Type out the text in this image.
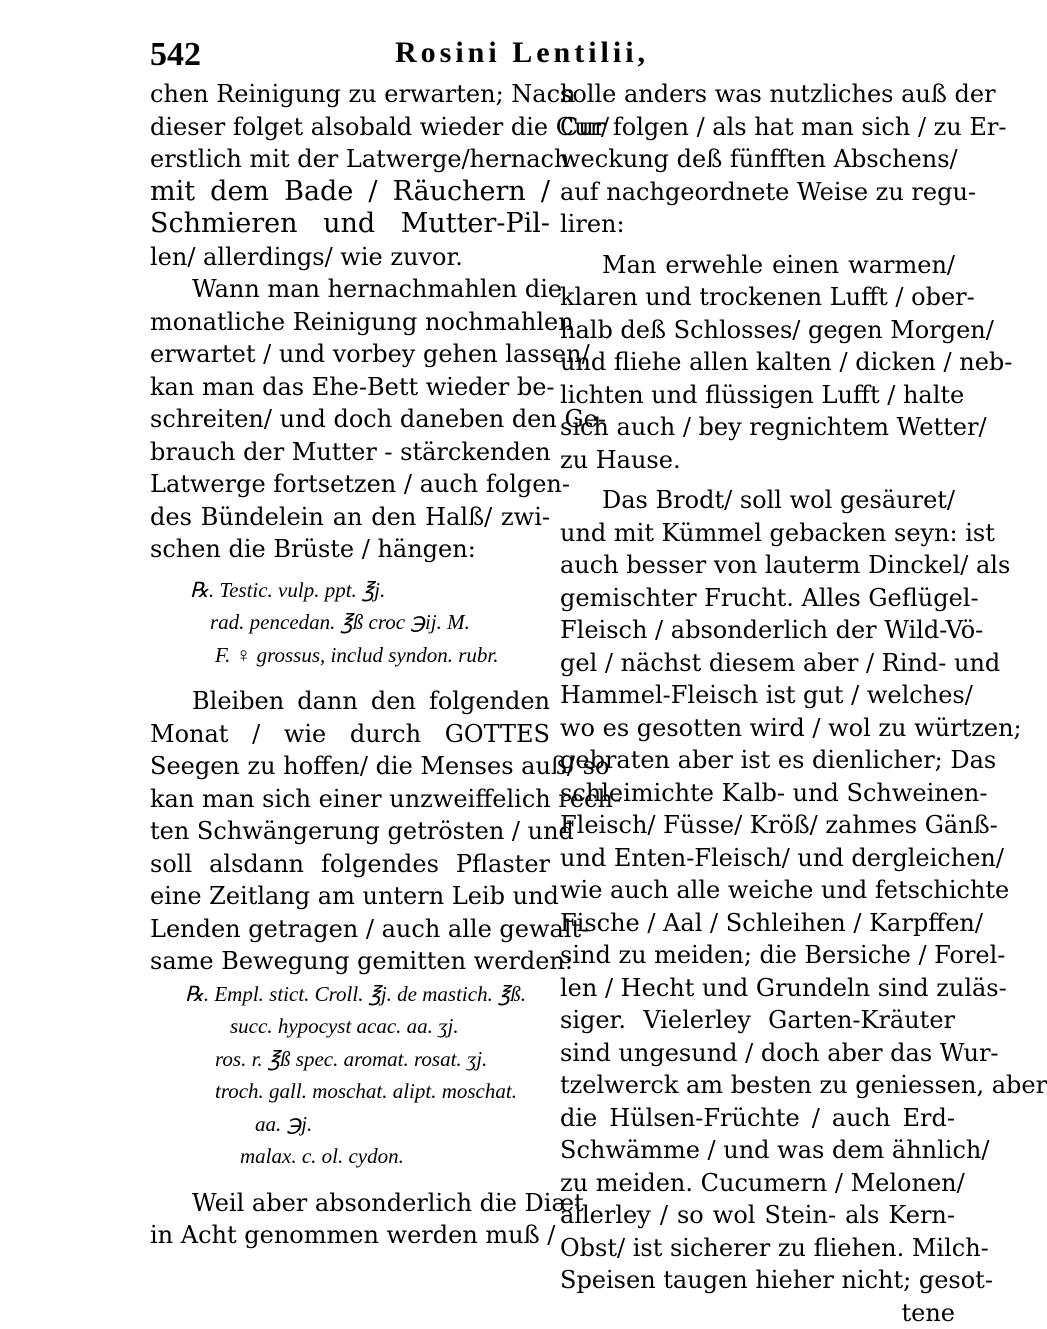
542	Rosini Lentilii,
chen Reinigung zu erwarten; Nach
dieser folget alsobald wieder die Cur/
erstlich mit der Latwerge/hernach
mit dem Bade / Räuchern /
Schmieren und Mutter-Pil-
len/ allerdings/ wie zuvor.
Wann man hernachmahlen die
monatliche Reinigung nochmahlen
erwartet / und vorbey gehen lassen/
kan man das Ehe-Bett wieder be-
schreiten/ und doch daneben den Ge-
brauch der Mutter - stärckenden
Latwerge fortsetzen / auch folgen-
des Bündelein an den Halß/ zwi-
schen die Brüste / hängen:
℞. Testic. vulp. ppt. ℥j.
rad. pencedan. ℥ß croc ℈ij. M.
F. ♀ grossus, includ syndon. rubr.
Bleiben dann den folgenden
Monat / wie durch GOTTES
Seegen zu hoffen/ die Menses auß/ so
kan man sich einer unzweiffelich rech-
ten Schwängerung getrösten / und
soll alsdann folgendes Pflaster
eine Zeitlang am untern Leib und
Lenden getragen / auch alle gewalt-
same Bewegung gemitten werden:
℞. Empl. stict. Croll. ℥j. de mastich. ℥ß.
succ. hypocyst acac. aa. ʒj.
ros. r. ℥ß spec. aromat. rosat. ʒj.
troch. gall. moschat. alipt. moschat.
aa. ℈j.
malax. c. ol. cydon.
Weil aber absonderlich die Diæt
in Acht genommen werden muß /
solle anders was nutzliches auß der
Cur folgen / als hat man sich / zu Er-
weckung deß fünfften Abschens/
auf nachgeordnete Weise zu regu-
liren:
Man erwehle einen warmen/
klaren und trockenen Lufft / ober-
halb deß Schlosses/ gegen Morgen/
und fliehe allen kalten / dicken / neb-
lichten und flüssigen Lufft / halte
sich auch / bey regnichtem Wetter/
zu Hause.
Das Brodt/ soll wol gesäuret/
und mit Kümmel gebacken seyn: ist
auch besser von lauterm Dinckel/ als
gemischter Frucht. Alles Geflügel-
Fleisch / absonderlich der Wild-Vö-
gel / nächst diesem aber / Rind- und
Hammel-Fleisch ist gut / welches/
wo es gesotten wird / wol zu würtzen;
gebraten aber ist es dienlicher; Das
schleimichte Kalb- und Schweinen-
Fleisch/ Füsse/ Kröß/ zahmes Gänß-
und Enten-Fleisch/ und dergleichen/
wie auch alle weiche und fetschichte
Fische / Aal / Schleihen / Karpffen/
sind zu meiden; die Bersiche / Forel-
len / Hecht und Grundeln sind zuläs-
siger. Vielerley Garten-Kräuter
sind ungesund / doch aber das Wur-
tzelwerck am besten zu geniessen, aber
die Hülsen-Früchte / auch Erd-
Schwämme / und was dem ähnlich/
zu meiden. Cucumern / Melonen/
allerley / so wol Stein- als Kern-
Obst/ ist sicherer zu fliehen. Milch-
Speisen taugen hieher nicht; gesot-
tene
